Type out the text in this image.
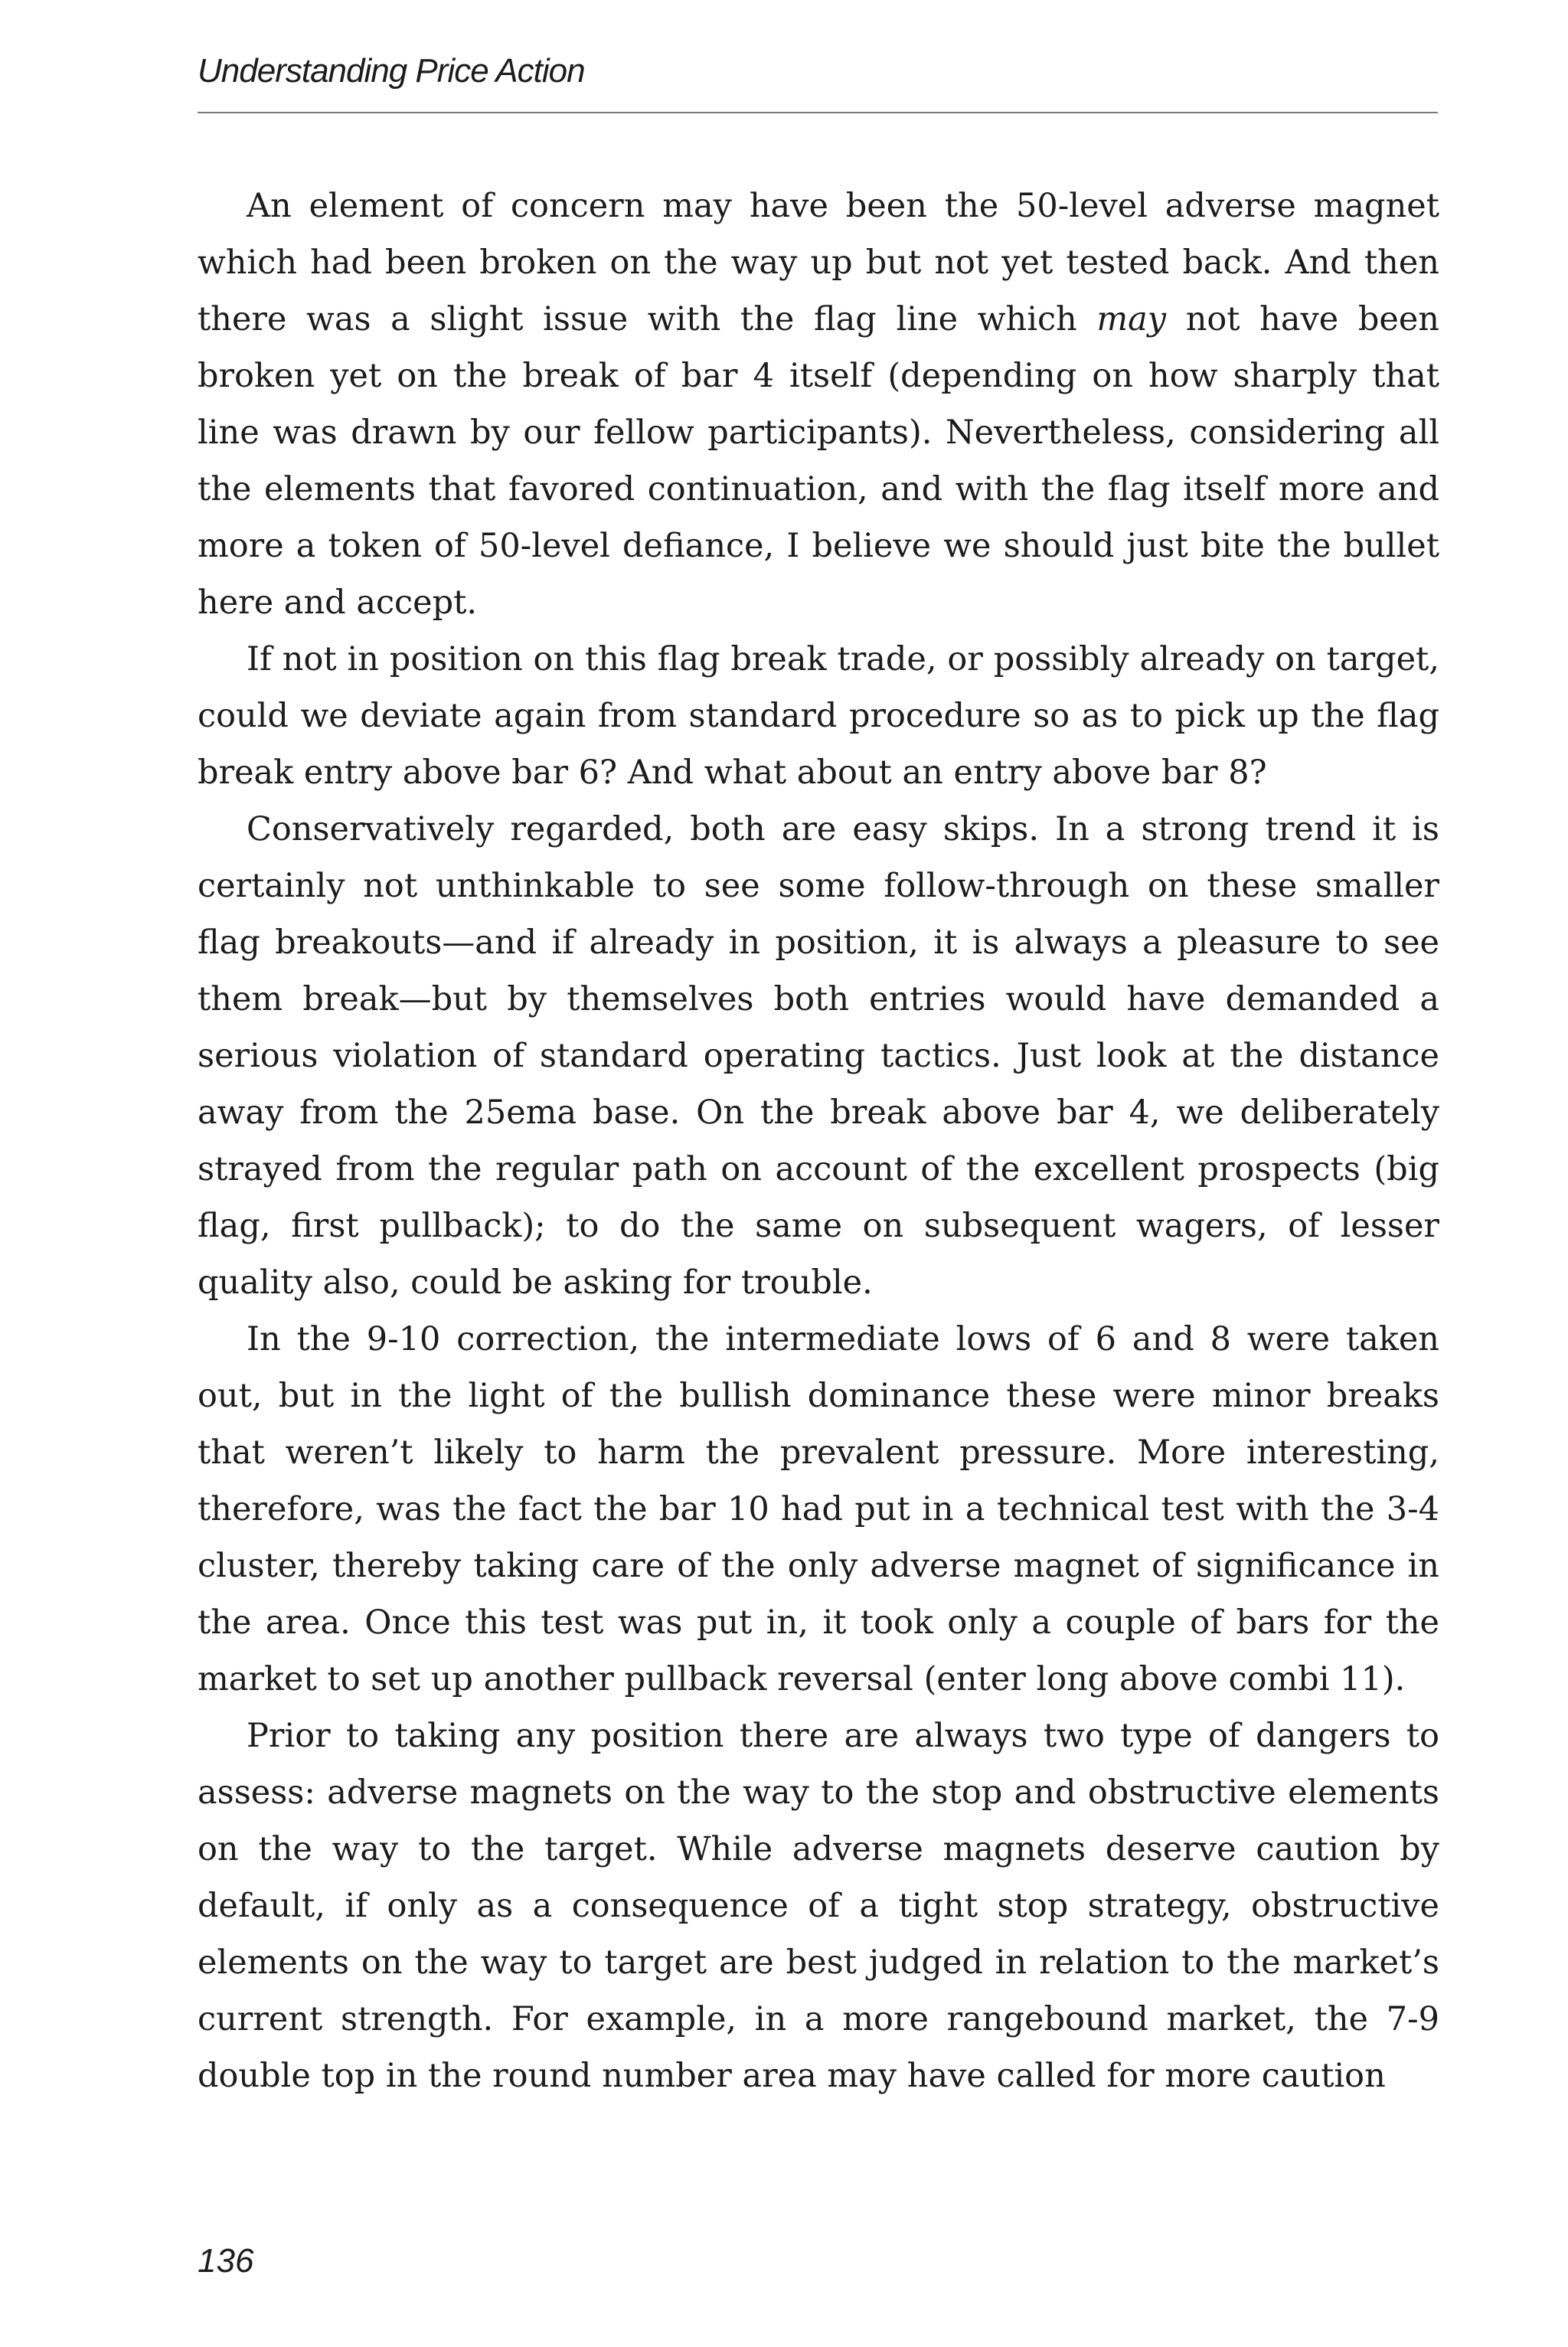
Understanding Price Action

An element of concern may have been the 50-level adverse magnet which had been broken on the way up but not yet tested back. And then there was a slight issue with the flag line which may not have been broken yet on the break of bar 4 itself (depending on how sharply that line was drawn by our fellow participants). Nevertheless, considering all the elements that favored continuation, and with the flag itself more and more a token of 50-level defiance, I believe we should just bite the bullet here and accept.

If not in position on this flag break trade, or possibly already on target, could we deviate again from standard procedure so as to pick up the flag break entry above bar 6? And what about an entry above bar 8?

Conservatively regarded, both are easy skips. In a strong trend it is certainly not unthinkable to see some follow-through on these smaller flag breakouts—and if already in position, it is always a pleasure to see them break—but by themselves both entries would have demanded a serious violation of standard operating tactics. Just look at the distance away from the 25ema base. On the break above bar 4, we deliberately strayed from the regular path on account of the excellent prospects (big flag, first pullback); to do the same on subsequent wagers, of lesser quality also, could be asking for trouble.

In the 9-10 correction, the intermediate lows of 6 and 8 were taken out, but in the light of the bullish dominance these were minor breaks that weren’t likely to harm the prevalent pressure. More interesting, therefore, was the fact the bar 10 had put in a technical test with the 3-4 cluster, thereby taking care of the only adverse magnet of significance in the area. Once this test was put in, it took only a couple of bars for the market to set up another pullback reversal (enter long above combi 11).

Prior to taking any position there are always two type of dangers to assess: adverse magnets on the way to the stop and obstructive elements on the way to the target. While adverse magnets deserve caution by default, if only as a consequence of a tight stop strategy, obstructive elements on the way to target are best judged in relation to the market’s current strength. For example, in a more rangebound market, the 7-9 double top in the round number area may have called for more caution

136
